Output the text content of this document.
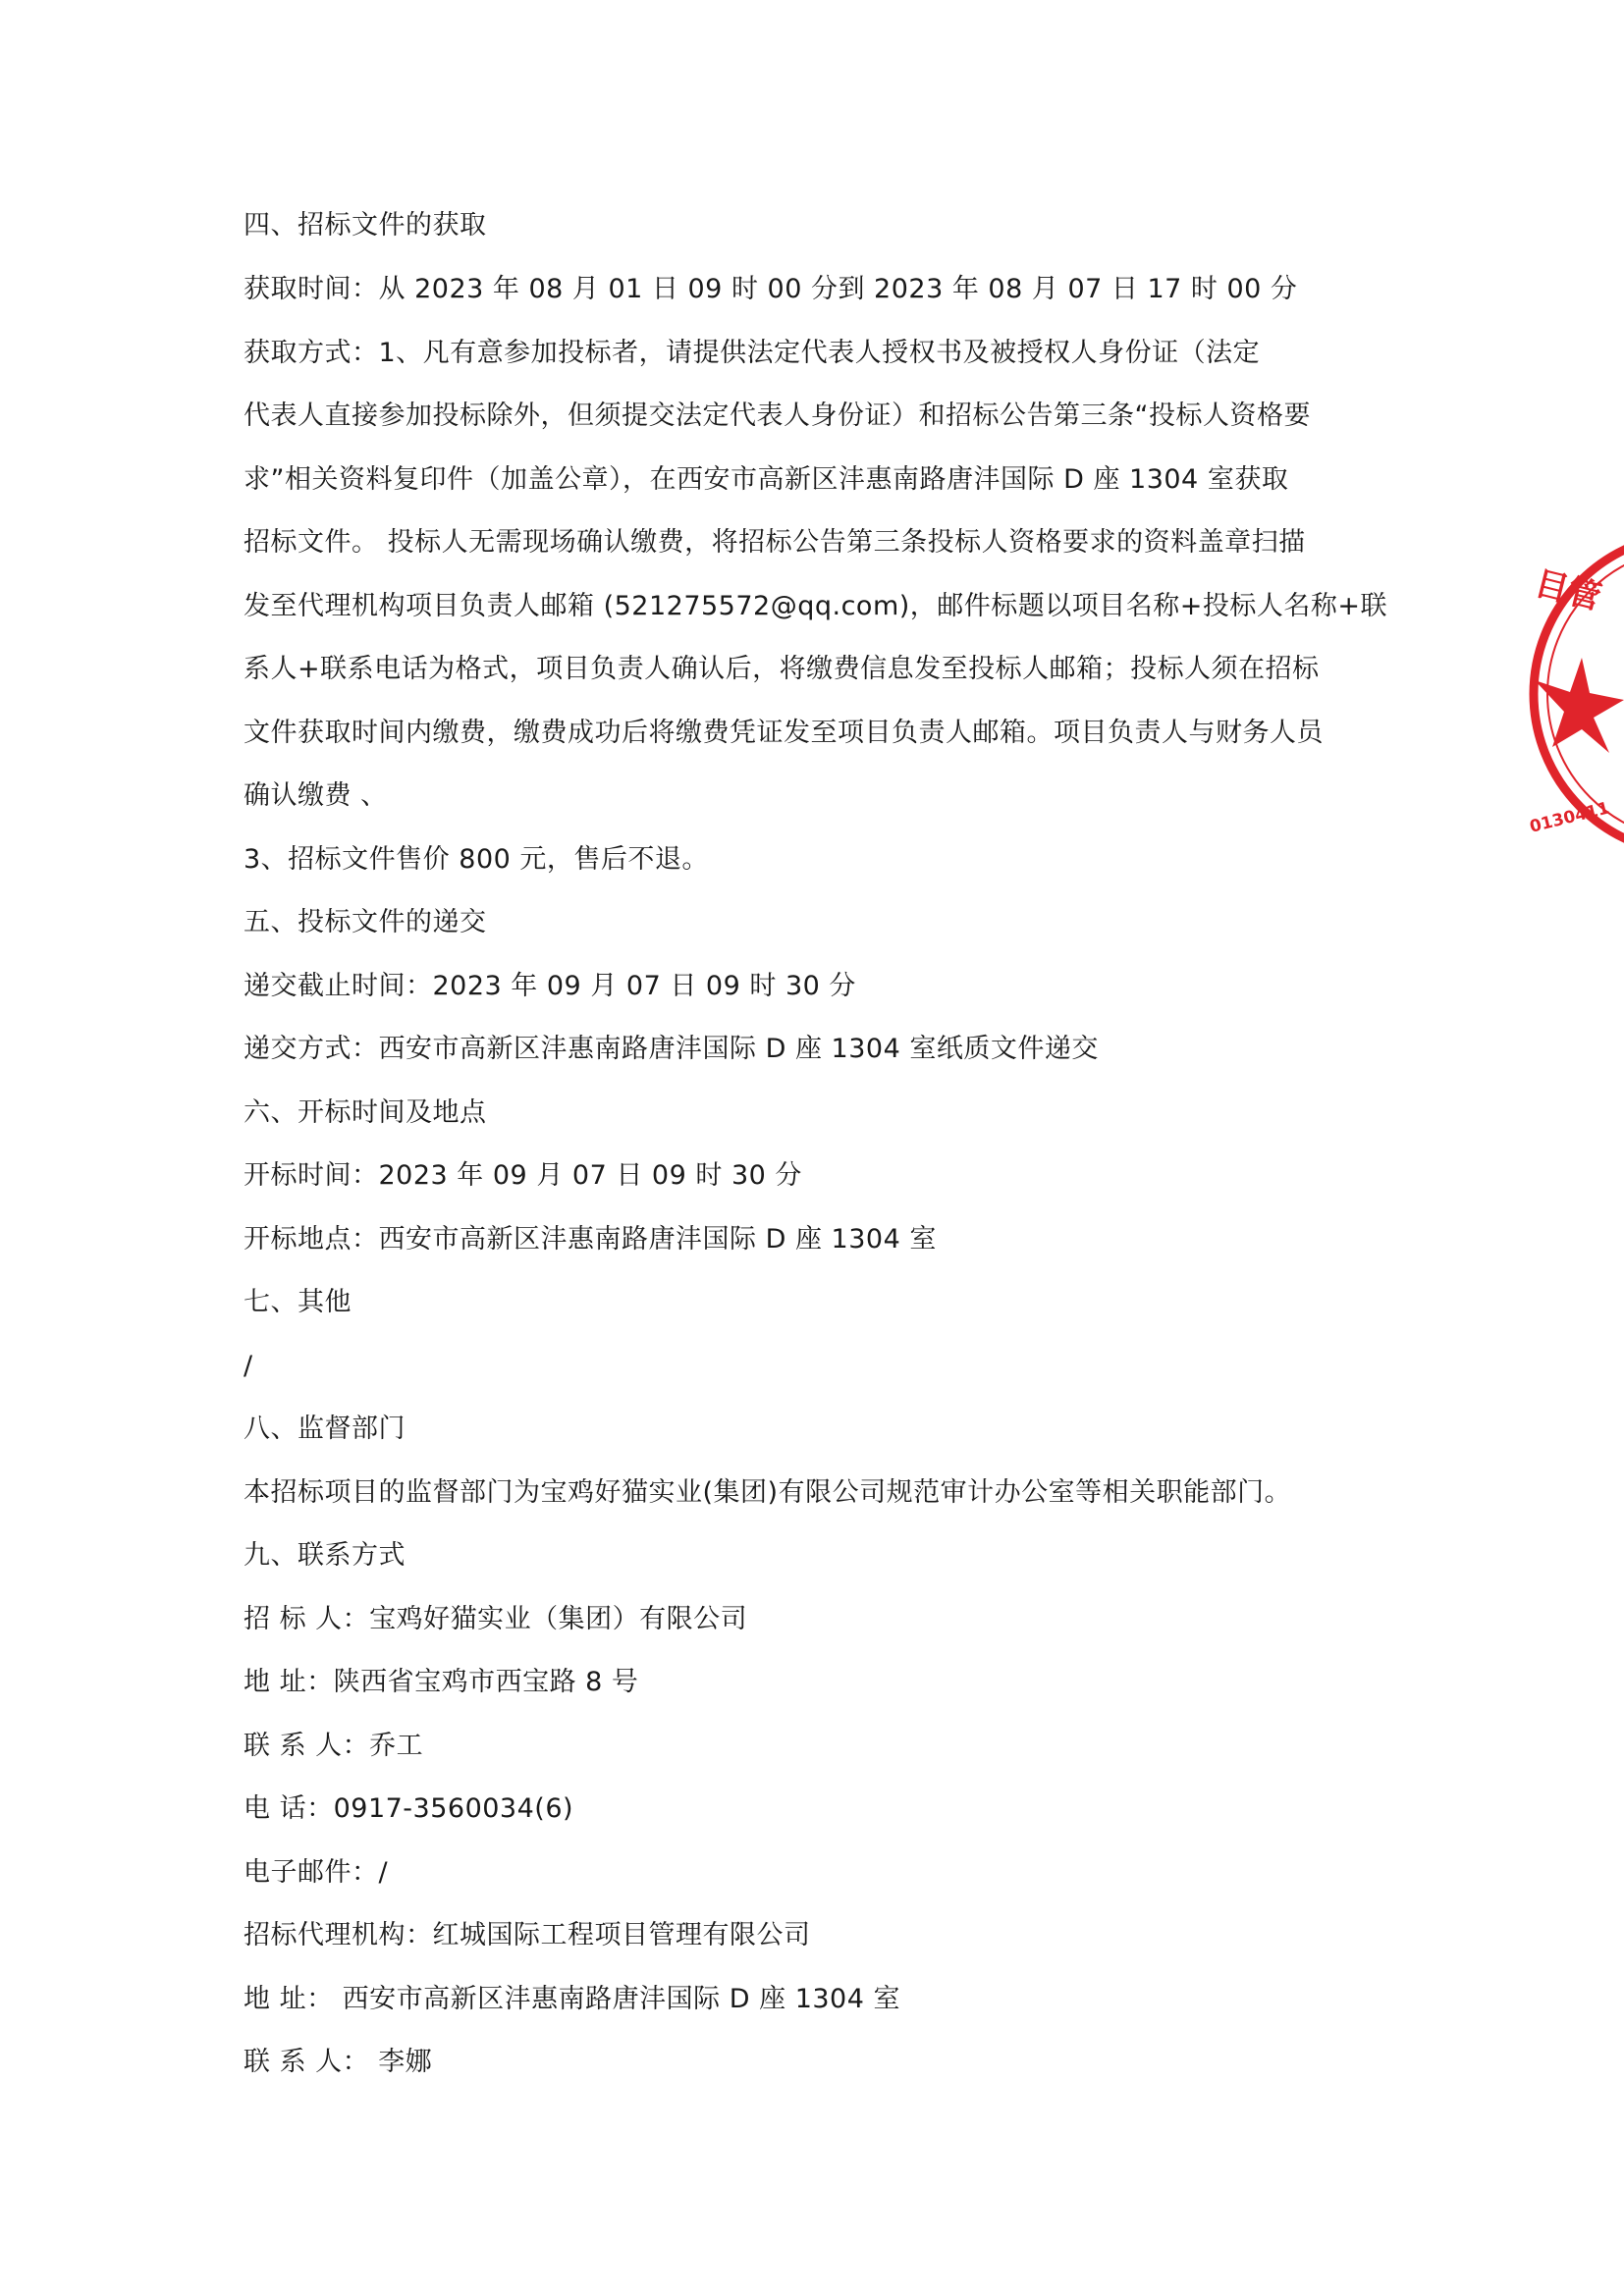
四、招标文件的获取
获取时间：从 2023 年 08 月 01 日 09 时 00 分到 2023 年 08 月 07 日 17 时 00 分
获取方式：1、凡有意参加投标者，请提供法定代表人授权书及被授权人身份证（法定
代表人直接参加投标除外，但须提交法定代表人身份证）和招标公告第三条“投标人资格要
求”相关资料复印件（加盖公章），在西安市高新区沣惠南路唐沣国际 D 座 1304 室获取
招标文件。 投标人无需现场确认缴费，将招标公告第三条投标人资格要求的资料盖章扫描
发至代理机构项目负责人邮箱 (521275572@qq.com)，邮件标题以项目名称+投标人名称+联
系人+联系电话为格式，项目负责人确认后，将缴费信息发至投标人邮箱；投标人须在招标
文件获取时间内缴费，缴费成功后将缴费凭证发至项目负责人邮箱。项目负责人与财务人员
确认缴费 、
3、招标文件售价 800 元，售后不退。
五、投标文件的递交
递交截止时间：2023 年 09 月 07 日 09 时 30 分
递交方式：西安市高新区沣惠南路唐沣国际 D 座 1304 室纸质文件递交
六、开标时间及地点
开标时间：2023 年 09 月 07 日 09 时 30 分
开标地点：西安市高新区沣惠南路唐沣国际 D 座 1304 室
七、其他
/
八、监督部门
本招标项目的监督部门为宝鸡好猫实业(集团)有限公司规范审计办公室等相关职能部门。
九、联系方式
招 标 人：宝鸡好猫实业（集团）有限公司
地 址：陕西省宝鸡市西宝路 8 号
联 系 人：乔工
电 话：0917-3560034(6)
电子邮件：/
招标代理机构：红城国际工程项目管理有限公司
地 址： 西安市高新区沣惠南路唐沣国际 D 座 1304 室
联 系 人： 李娜
目管
0130411
